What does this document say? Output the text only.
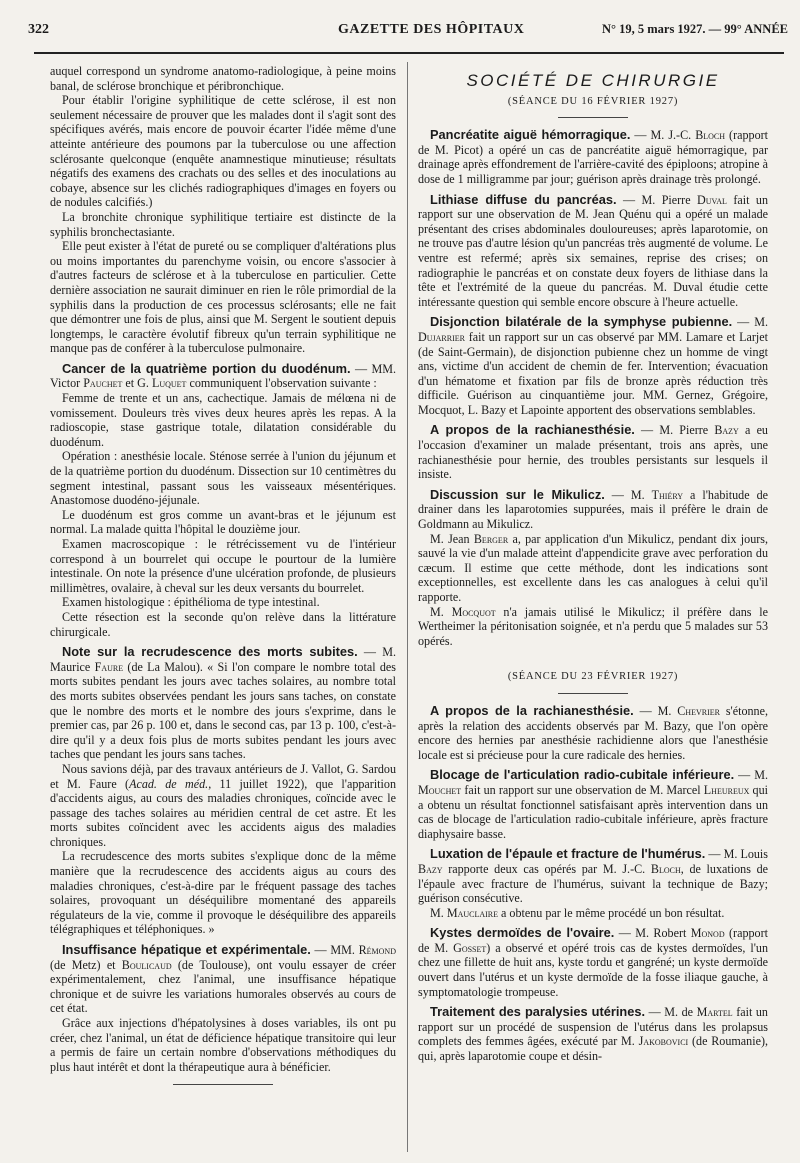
322	GAZETTE DES HÔPITAUX	N° 19, 5 mars 1927. — 99° ANNÉE

auquel correspond un syndrome anatomo-radiologique, à peine moins banal, de sclérose bronchique et péribronchique.

Pour établir l'origine syphilitique de cette sclérose, il est non seulement nécessaire de prouver que les malades dont il s'agit sont des spécifiques avérés, mais encore de pouvoir écarter l'idée même d'une atteinte antérieure des poumons par la tuberculose ou une affection sclérosante quelconque (enquête anamnestique minutieuse; résultats négatifs des examens des crachats ou des selles et des inoculations au cobaye, absence sur les clichés radiographiques d'images en foyers ou de nodules calcifiés.)

La bronchite chronique syphilitique tertiaire est distincte de la syphilis bronchectasiante.

Elle peut exister à l'état de pureté ou se compliquer d'altérations plus ou moins importantes du parenchyme voisin, ou encore s'associer à d'autres facteurs de sclérose et à la tuberculose en particulier. Cette dernière association ne saurait diminuer en rien le rôle primordial de la syphilis dans la production de ces processus sclérosants; elle ne fait que démontrer une fois de plus, ainsi que M. Sergent le soutient depuis longtemps, le caractère évolutif fibreux qu'un terrain syphilitique ne manque pas de conférer à la tuberculose pulmonaire.

Cancer de la quatrième portion du duodénum. — MM. Victor Pauchet et G. Luquet communiquent l'observation suivante :

Femme de trente et un ans, cachectique. Jamais de mélœna ni de vomissement. Douleurs très vives deux heures après les repas. A la radioscopie, stase gastrique totale, dilatation considérable du duodénum.

Opération : anesthésie locale. Sténose serrée à l'union du jéjunum et de la quatrième portion du duodénum. Dissection sur 10 centimètres du segment intestinal, passant sous les vaisseaux mésentériques. Anastomose duodéno-jéjunale.

Le duodénum est gros comme un avant-bras et le jéjunum est normal. La malade quitta l'hôpital le douzième jour.

Examen macroscopique : le rétrécissement vu de l'intérieur correspond à un bourrelet qui occupe le pourtour de la lumière intestinale. On note la présence d'une ulcération profonde, de plusieurs millimètres, ovalaire, à cheval sur les deux versants du bourrelet.

Examen histologique : épithélioma de type intestinal.

Cette résection est la seconde qu'on relève dans la littérature chirurgicale.

Note sur la recrudescence des morts subites. — M. Maurice Faure (de La Malou). « Si l'on compare le nombre total des morts subites pendant les jours avec taches solaires, au nombre total des morts subites observées pendant les jours sans taches, on constate que le nombre des morts et le nombre des jours s'exprime, dans le premier cas, par 26 p. 100 et, dans le second cas, par 13 p. 100, c'est-à-dire qu'il y a deux fois plus de morts subites pendant les jours avec taches que pendant les jours sans taches.

Nous savions déjà, par des travaux antérieurs de J. Vallot, G. Sardou et M. Faure (Acad. de méd., 11 juillet 1922), que l'apparition d'accidents aigus, au cours des maladies chroniques, coïncide avec le passage des taches solaires au méridien central de cet astre. Et les morts subites coïncident avec les accidents aigus des maladies chroniques.

La recrudescence des morts subites s'explique donc de la même manière que la recrudescence des accidents aigus au cours des maladies chroniques, c'est-à-dire par le fréquent passage des taches solaires, provoquant un déséquilibre momentané des appareils régulateurs de la vie, comme il provoque le déséquilibre des appareils télégraphiques et téléphoniques. »

Insuffisance hépatique et expérimentale. — MM. Rémond (de Metz) et Boulicaud (de Toulouse), ont voulu essayer de créer expérimentalement, chez l'animal, une insuffisance hépatique chronique et de suivre les variations humorales observés au cours de cet état.

Grâce aux injections d'hépatolysines à doses variables, ils ont pu créer, chez l'animal, un état de déficience hépatique transitoire qui leur a permis de faire un certain nombre d'observations méthodiques du plus haut intérêt et dont la thérapeutique aura à bénéficier.

SOCIÉTÉ DE CHIRURGIE
(SÉANCE DU 16 FÉVRIER 1927)

Pancréatite aiguë hémorragique. — M. J.-C. Bloch (rapport de M. Picot) a opéré un cas de pancréatite aiguë hémorragique, par drainage après effondrement de l'arrière-cavité des épiploons; atropine à dose de 1 milligramme par jour; guérison après drainage très prolongé.

Lithiase diffuse du pancréas. — M. Pierre Duval fait un rapport sur une observation de M. Jean Quénu qui a opéré un malade présentant des crises abdominales douloureuses; après laparotomie, on ne trouve pas d'autre lésion qu'un pancréas très augmenté de volume. Le ventre est refermé; après six semaines, reprise des crises; on radiographie le pancréas et on constate deux foyers de lithiase dans la tête et l'extrémité de la queue du pancréas. M. Duval étudie cette intéressante question qui semble encore obscure à l'heure actuelle.

Disjonction bilatérale de la symphyse pubienne. — M. Dujarrier fait un rapport sur un cas observé par MM. Lamare et Larjet (de Saint-Germain), de disjonction pubienne chez un homme de vingt ans, victime d'un accident de chemin de fer. Intervention; évacuation d'un hématome et fixation par fils de bronze après réduction très difficile. Guérison au cinquantième jour. MM. Gernez, Grégoire, Mocquot, L. Bazy et Lapointe apportent des observations semblables.

A propos de la rachianesthésie. — M. Pierre Bazy a eu l'occasion d'examiner un malade présentant, trois ans après, une rachianesthésie pour hernie, des troubles persistants sur lesquels il insiste.

Discussion sur le Mikulicz. — M. Thiéry a l'habitude de drainer dans les laparotomies suppurées, mais il préfère le drain de Goldmann au Mikulicz.

M. Jean Berger a, par application d'un Mikulicz, pendant dix jours, sauvé la vie d'un malade atteint d'appendicite grave avec perforation du cæcum. Il estime que cette méthode, dont les indications sont exceptionnelles, est excellente dans les cas analogues à celui qu'il rapporte.

M. Mocquot n'a jamais utilisé le Mikulicz; il préfère dans le Wertheimer la péritonisation soignée, et n'a perdu que 5 malades sur 53 opérés.

(SÉANCE DU 23 FÉVRIER 1927)

A propos de la rachianesthésie. — M. Chevrier s'étonne, après la relation des accidents observés par M. Bazy, que l'on opère encore des hernies par anesthésie rachidienne alors que l'anesthésie locale est si précieuse pour la cure radicale des hernies.

Blocage de l'articulation radio-cubitale inférieure. — M. Mouchet fait un rapport sur une observation de M. Marcel Lheureux qui a obtenu un résultat fonctionnel satisfaisant après intervention dans un cas de blocage de l'articulation radio-cubitale inférieure, après fracture diaphysaire basse.

Luxation de l'épaule et fracture de l'humérus. — M. Louis Bazy rapporte deux cas opérés par M. J.-C. Bloch, de luxations de l'épaule avec fracture de l'humérus, suivant la technique de Bazy; guérison consécutive.

M. Mauclaire a obtenu par le même procédé un bon résultat.

Kystes dermoïdes de l'ovaire. — M. Robert Monod (rapport de M. Gosset) a observé et opéré trois cas de kystes dermoïdes, l'un chez une fillette de huit ans, kyste tordu et gangréné; un kyste dermoïde ouvert dans l'utérus et un kyste dermoïde de la fosse iliaque gauche, à symptomatologie trompeuse.

Traitement des paralysies utérines. — M. de Martel fait un rapport sur un procédé de suspension de l'utérus dans les prolapsus complets des femmes âgées, exécuté par M. Jakobovici (de Roumanie), qui, après laparotomie coupe et désin-
